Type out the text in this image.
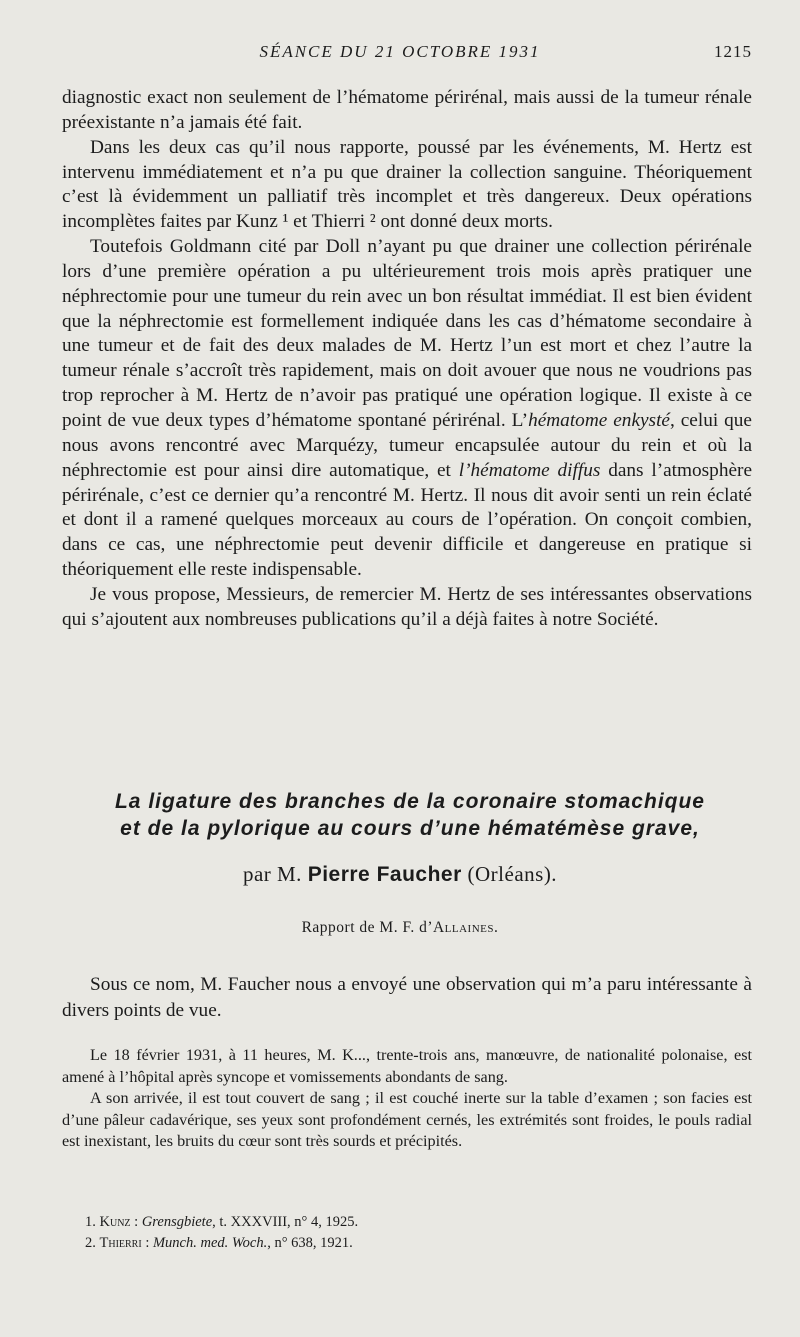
SÉANCE DU 21 OCTOBRE 1931	1215

diagnostic exact non seulement de l’hématome périrénal, mais aussi de la tumeur rénale préexistante n’a jamais été fait.

Dans les deux cas qu’il nous rapporte, poussé par les événements, M. Hertz est intervenu immédiatement et n’a pu que drainer la collection sanguine. Théoriquement c’est là évidemment un palliatif très incomplet et très dangereux. Deux opérations incomplètes faites par Kunz ¹ et Thierri ² ont donné deux morts.

Toutefois Goldmann cité par Doll n’ayant pu que drainer une collection périrénale lors d’une première opération a pu ultérieurement trois mois après pratiquer une néphrectomie pour une tumeur du rein avec un bon résultat immédiat. Il est bien évident que la néphrectomie est formellement indiquée dans les cas d’hématome secondaire à une tumeur et de fait des deux malades de M. Hertz l’un est mort et chez l’autre la tumeur rénale s’accroît très rapidement, mais on doit avouer que nous ne voudrions pas trop reprocher à M. Hertz de n’avoir pas pratiqué une opération logique. Il existe à ce point de vue deux types d’hématome spontané périrénal. L’hématome enkysté, celui que nous avons rencontré avec Marquézy, tumeur encapsulée autour du rein et où la néphrectomie est pour ainsi dire automatique, et l’hématome diffus dans l’atmosphère périrénale, c’est ce dernier qu’a rencontré M. Hertz. Il nous dit avoir senti un rein éclaté et dont il a ramené quelques morceaux au cours de l’opération. On conçoit combien, dans ce cas, une néphrectomie peut devenir difficile et dangereuse en pratique si théoriquement elle reste indispensable.

Je vous propose, Messieurs, de remercier M. Hertz de ses intéressantes observations qui s’ajoutent aux nombreuses publications qu’il a déjà faites à notre Société.

La ligature des branches de la coronaire stomachique
et de la pylorique au cours d’une hématémèse grave,
par M. Pierre Faucher (Orléans).
Rapport de M. F. d’Allaines.

Sous ce nom, M. Faucher nous a envoyé une observation qui m’a paru intéressante à divers points de vue.

Le 18 février 1931, à 11 heures, M. K..., trente-trois ans, manœuvre, de nationalité polonaise, est amené à l’hôpital après syncope et vomissements abondants de sang.

A son arrivée, il est tout couvert de sang ; il est couché inerte sur la table d’examen ; son facies est d’une pâleur cadavérique, ses yeux sont profondément cernés, les extrémités sont froides, le pouls radial est inexistant, les bruits du cœur sont très sourds et précipités.

1. Kunz : Grensgbiete, t. XXXVIII, n° 4, 1925.
2. Thierri : Munch. med. Woch., n° 638, 1921.
